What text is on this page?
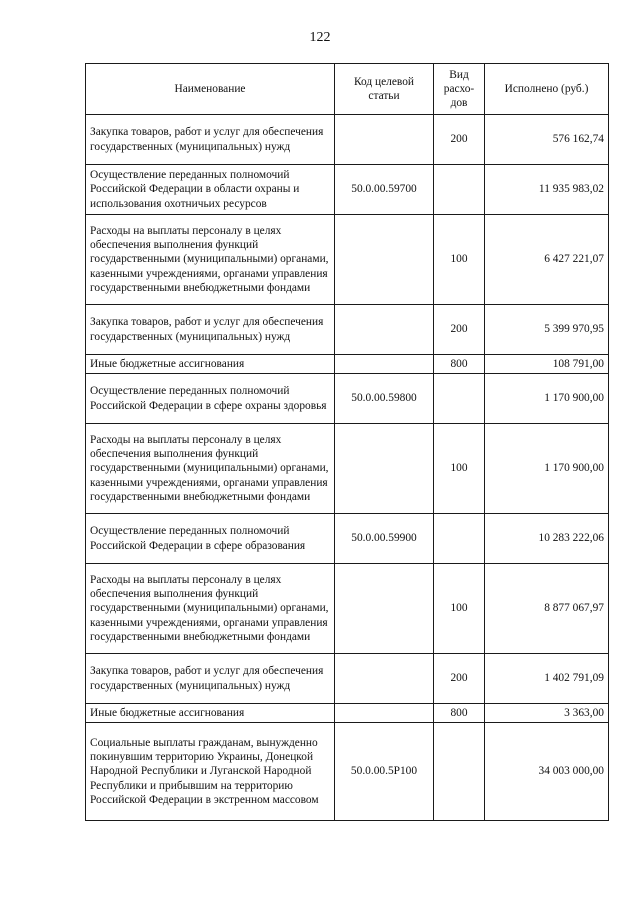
122
Наименование	Код целевой статьи	Вид расхо-дов	Исполнено (руб.)
Закупка товаров, работ и услуг для обеспечения государственных (муниципальных) нужд		200	576 162,74
Осуществление переданных полномочий Российской Федерации в области охраны и использования охотничьих ресурсов	50.0.00.59700		11 935 983,02
Расходы на выплаты персоналу в целях обеспечения выполнения функций государственными (муниципальными) органами, казенными учреждениями, органами управления государственными внебюджетными фондами		100	6 427 221,07
Закупка товаров, работ и услуг для обеспечения государственных (муниципальных) нужд		200	5 399 970,95
Иные бюджетные ассигнования		800	108 791,00
Осуществление переданных полномочий Российской Федерации в сфере охраны здоровья	50.0.00.59800		1 170 900,00
Расходы на выплаты персоналу в целях обеспечения выполнения функций государственными (муниципальными) органами, казенными учреждениями, органами управления государственными внебюджетными фондами		100	1 170 900,00
Осуществление переданных полномочий Российской Федерации в сфере образования	50.0.00.59900		10 283 222,06
Расходы на выплаты персоналу в целях обеспечения выполнения функций государственными (муниципальными) органами, казенными учреждениями, органами управления государственными внебюджетными фондами		100	8 877 067,97
Закупка товаров, работ и услуг для обеспечения государственных (муниципальных) нужд		200	1 402 791,09
Иные бюджетные ассигнования		800	3 363,00
Социальные выплаты гражданам, вынужденно покинувшим территорию Украины, Донецкой Народной Республики и Луганской Народной Республики и прибывшим на территорию Российской Федерации в экстренном массовом	50.0.00.5Р100		34 003 000,00
